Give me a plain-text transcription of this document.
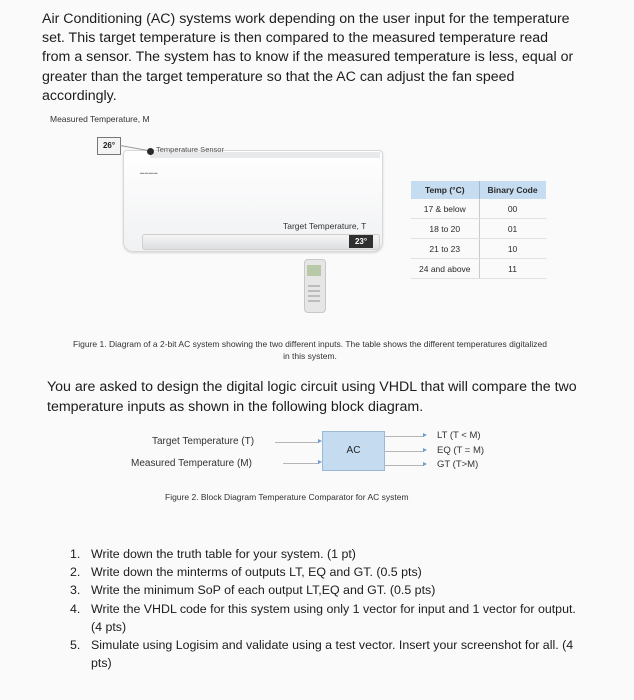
Air Conditioning (AC) systems work depending on the user input for the temperature set. This target temperature is then compared to the measured temperature read from a sensor. The system has to know if the measured temperature is less, equal or greater than the target temperature so that the AC can adjust the fan speed accordingly.

Measured Temperature, M
▬▬▬▬
26°	Temperature Sensor
Target Temperature, T
23°
Temp (°C)	Binary Code
17 & below	00
18 to 20	01
21 to 23	10
24 and above	11
Figure 1. Diagram of a 2-bit AC system showing the two different inputs. The table shows the different temperatures digitalized in this system.

You are asked to design the digital logic circuit using VHDL that will compare the two temperature inputs as shown in the following block diagram.

Target Temperature (T)
Measured Temperature (M)
AC
LT (T < M)
EQ (T = M)
GT (T>M)
Figure 2. Block Diagram Temperature Comparator for AC system
1. Write down the truth table for your system. (1 pt)
2. Write down the minterms of outputs LT, EQ and GT. (0.5 pts)
3. Write the minimum SoP of each output LT,EQ and GT. (0.5 pts)
4. Write the VHDL code for this system using only 1 vector for input and 1 vector for output. (4 pts)
5. Simulate using Logisim and validate using a test vector. Insert your screenshot for all. (4 pts)
